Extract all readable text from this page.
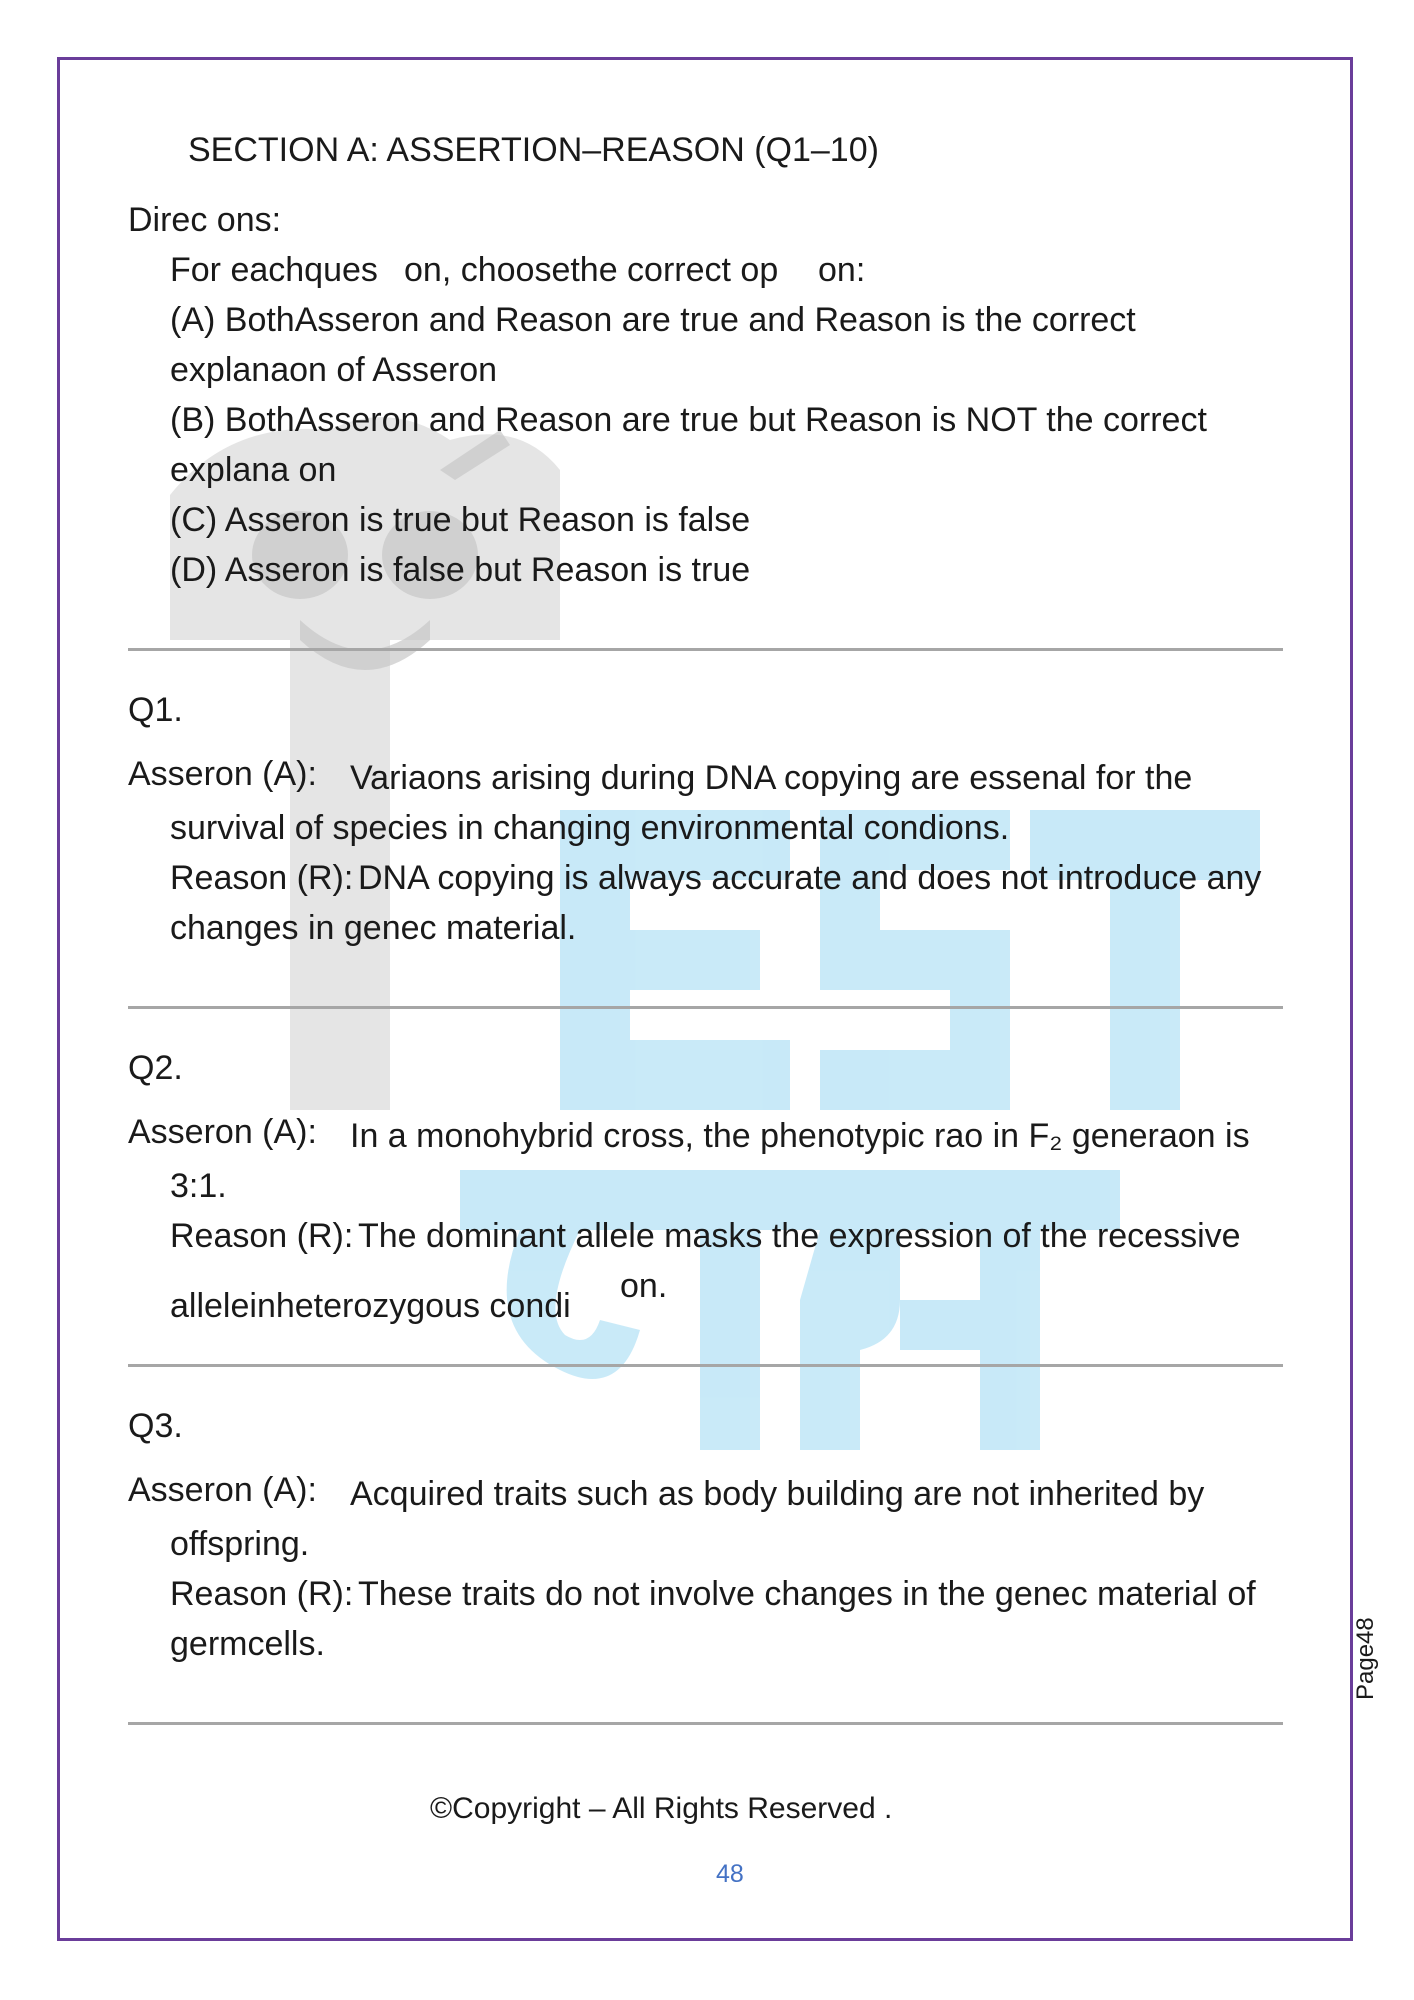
SECTION A: ASSERTION–REASON (Q1–10)
Direc ons:
For eachques on, choosethe correct op on:
(A) BothAsseron and Reason are true and Reason is the correct
explanaon of Asseron
(B) BothAsseron and Reason are true but Reason is NOT the correct
explana on
(C) Asseron is true but Reason is false
(D) Asseron is false but Reason is true
Q1.
Asseron (A): Variaons arising during DNA copying are essenal for the
survival of species in changing environmental condions.
Reason (R): DNA copying is always accurate and does not introduce any
changes in genec material.
Q2.
Asseron (A): In a monohybrid cross, the phenotypic rao in F₂ generaon is
3:1.
Reason (R): The dominant allele masks the expression of the recessive
alleleinheterozygous condi
on.
Q3.
Asseron (A): Acquired traits such as body building are not inherited by
offspring.
Reason (R): These traits do not involve changes in the genec material of
germcells.
©Copyright – All Rights Reserved .
48
Page48
